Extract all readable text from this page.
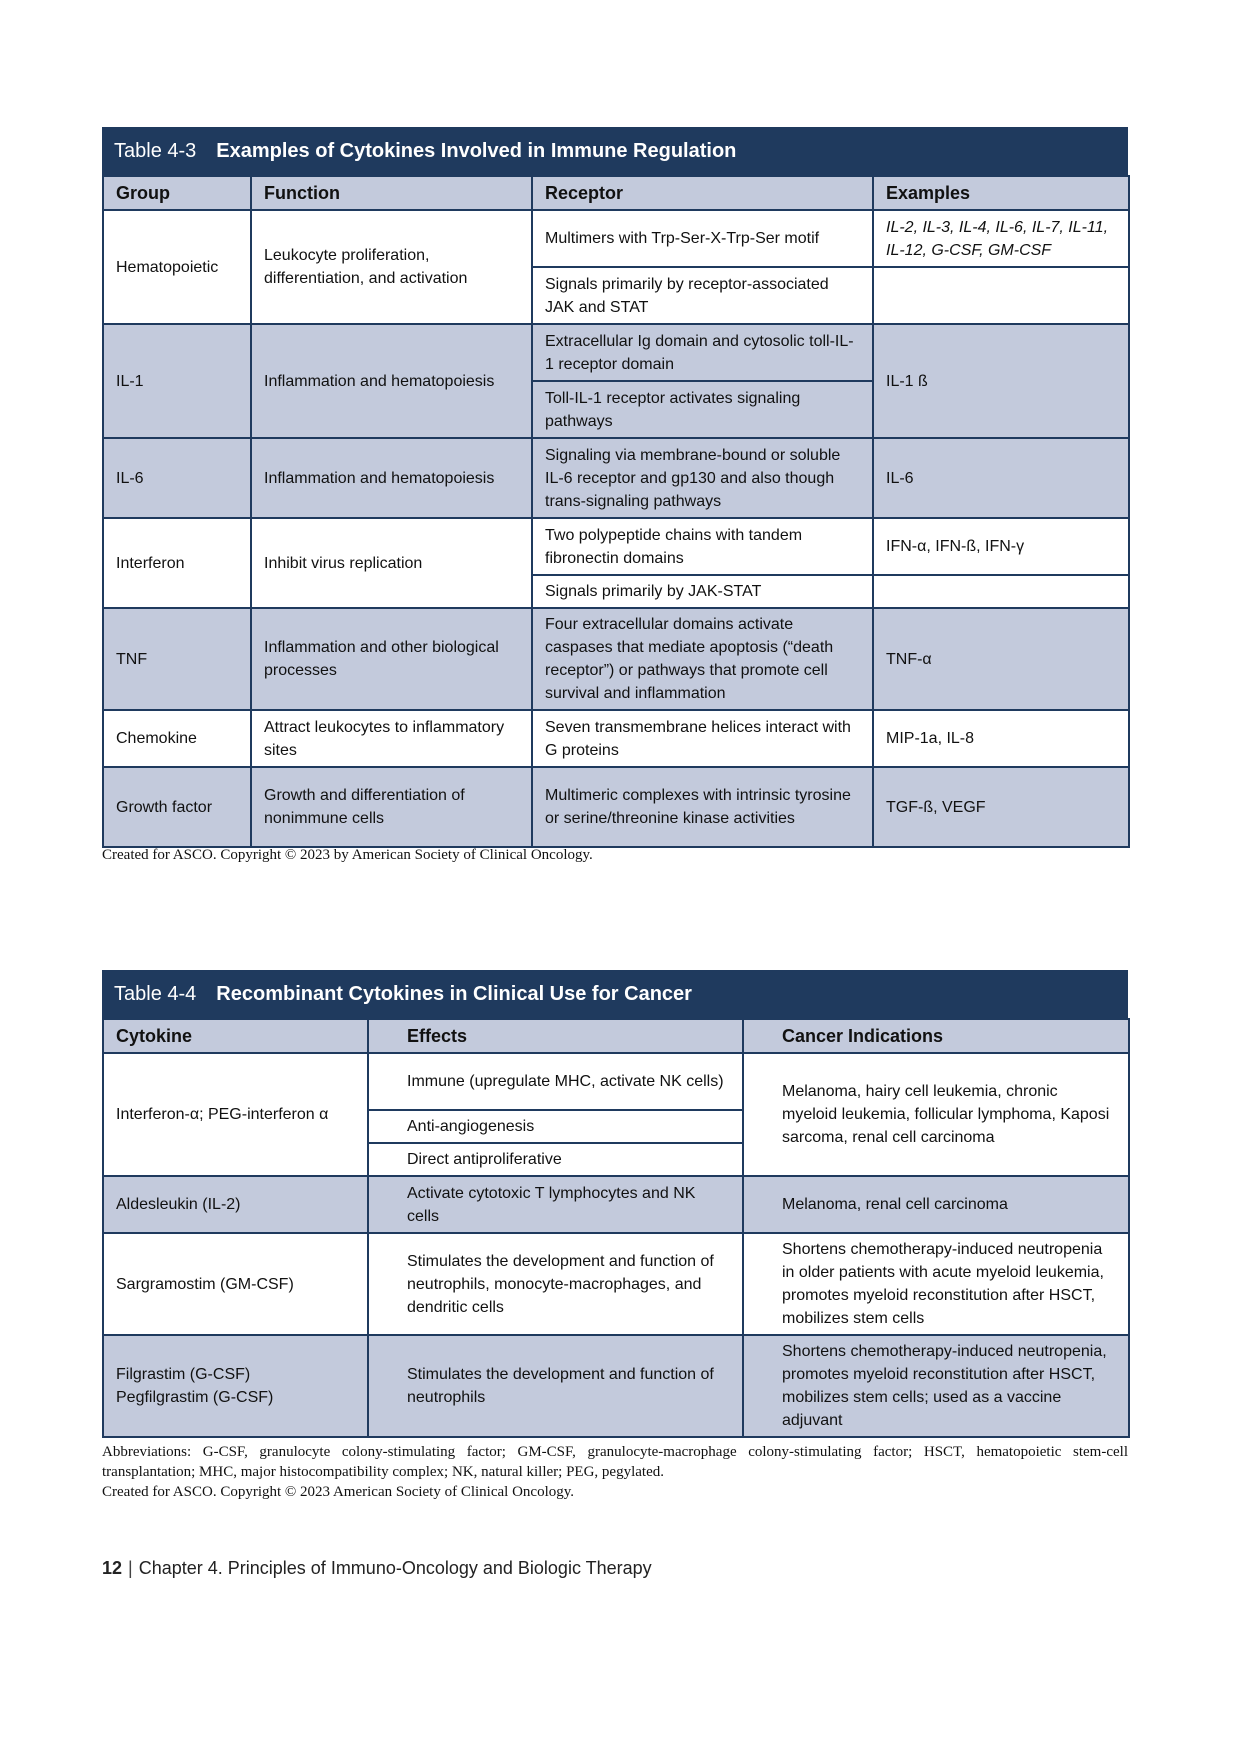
Table 4-3 Examples of Cytokines Involved in Immune Regulation
Group	Function	Receptor	Examples
Hematopoietic	Leukocyte proliferation, differentiation, and activation	Multimers with Trp-Ser-X-Trp-Ser motif	IL-2, IL-3, IL-4, IL-6, IL-7, IL-11, IL-12, G-CSF, GM-CSF
		Signals primarily by receptor-associated JAK and STAT	
IL-1	Inflammation and hematopoiesis	Extracellular Ig domain and cytosolic toll-IL-1 receptor domain	IL-1 ß
		Toll-IL-1 receptor activates signaling pathways	
IL-6	Inflammation and hematopoiesis	Signaling via membrane-bound or soluble IL-6 receptor and gp130 and also though trans-signaling pathways	IL-6
Interferon	Inhibit virus replication	Two polypeptide chains with tandem fibronectin domains	IFN-α, IFN-ß, IFN-γ
		Signals primarily by JAK-STAT	
TNF	Inflammation and other biological processes	Four extracellular domains activate caspases that mediate apoptosis (“death receptor”) or pathways that promote cell survival and inflammation	TNF-α
Chemokine	Attract leukocytes to inflammatory sites	Seven transmembrane helices interact with G proteins	MIP-1a, IL-8
Growth factor	Growth and differentiation of nonimmune cells	Multimeric complexes with intrinsic tyrosine or serine/threonine kinase activities	TGF-ß, VEGF
Created for ASCO. Copyright © 2023 by American Society of Clinical Oncology.
Table 4-4 Recombinant Cytokines in Clinical Use for Cancer
Cytokine	Effects	Cancer Indications
Interferon-α; PEG-interferon α	Immune (upregulate MHC, activate NK cells)	Melanoma, hairy cell leukemia, chronic myeloid leukemia, follicular lymphoma, Kaposi sarcoma, renal cell carcinoma
	Anti-angiogenesis	
	Direct antiproliferative	
Aldesleukin (IL-2)	Activate cytotoxic T lymphocytes and NK cells	Melanoma, renal cell carcinoma
Sargramostim (GM-CSF)	Stimulates the development and function of neutrophils, monocyte-macrophages, and dendritic cells	Shortens chemotherapy-induced neutropenia in older patients with acute myeloid leukemia, promotes myeloid reconstitution after HSCT, mobilizes stem cells

Filgrastim (G-CSF)
Pegfilgrastim (G-CSF)	Stimulates the development and function of neutrophils	Shortens chemotherapy-induced neutropenia, promotes myeloid reconstitution after HSCT, mobilizes stem cells; used as a vaccine adjuvant

Abbreviations: G-CSF, granulocyte colony-stimulating factor; GM-CSF, granulocyte-macrophage colony-stimulating factor; HSCT, hematopoietic stem-cell transplantation; MHC, major histocompatibility complex; NK, natural killer; PEG, pegylated.

Created for ASCO. Copyright © 2023 American Society of Clinical Oncology.

12 | Chapter 4. Principles of Immuno-Oncology and Biologic Therapy
